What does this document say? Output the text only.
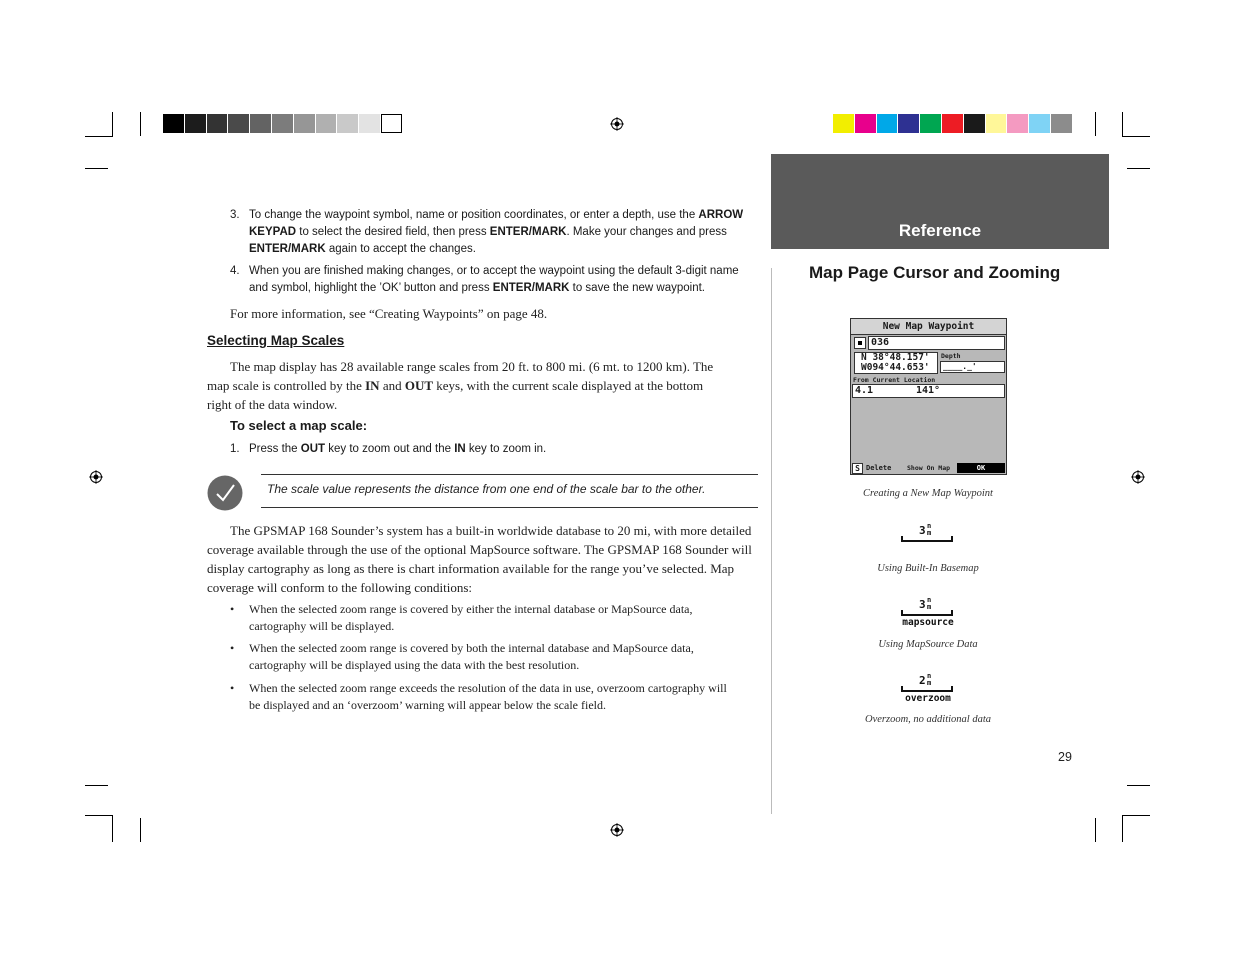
Reference
Map Page Cursor and Zooming
3. To change the waypoint symbol, name or position coordinates, or enter a depth, use the ARROW
KEYPAD to select the desired field, then press ENTER/MARK. Make your changes and press
ENTER/MARK again to accept the changes.
4. When you are finished making changes, or to accept the waypoint using the default 3-digit name
and symbol, highlight the ’OK’ button and press ENTER/MARK to save the new waypoint.
For more information, see “Creating Waypoints” on page 48.
Selecting Map Scales
The map display has 28 available range scales from 20 ft. to 800 mi. (6 mt. to 1200 km). The
map scale is controlled by the IN and OUT keys, with the current scale displayed at the bottom
right of the data window.
To select a map scale:
1. Press the OUT key to zoom out and the IN key to zoom in.
The scale value represents the distance from one end of the scale bar to the other.
The GPSMAP 168 Sounder’s system has a built-in worldwide database to 20 mi, with more detailed
coverage available through the use of the optional MapSource software. The GPSMAP 168 Sounder will
display cartography as long as there is chart information available for the range you’ve selected. Map
coverage will conform to the following conditions:
• When the selected zoom range is covered by either the internal database or MapSource data,
cartography will be displayed.
• When the selected zoom range is covered by both the internal database and MapSource data,
cartography will be displayed using the data with the best resolution.
• When the selected zoom range exceeds the resolution of the data in use, overzoom cartography will
be displayed and an ‘overzoom’ warning will appear below the scale field.
New Map Waypoint
036
N 38°48.157'
W094°44.653'
Depth
____._'
From Current Location
4.1	141°
S Delete Show On Map	OK
Creating a New Map Waypoint
3 n
m
3 n
m
mapsource
2 n
m
overzoom
Using Built-In Basemap
Using MapSource Data
Overzoom, no additional data
29
